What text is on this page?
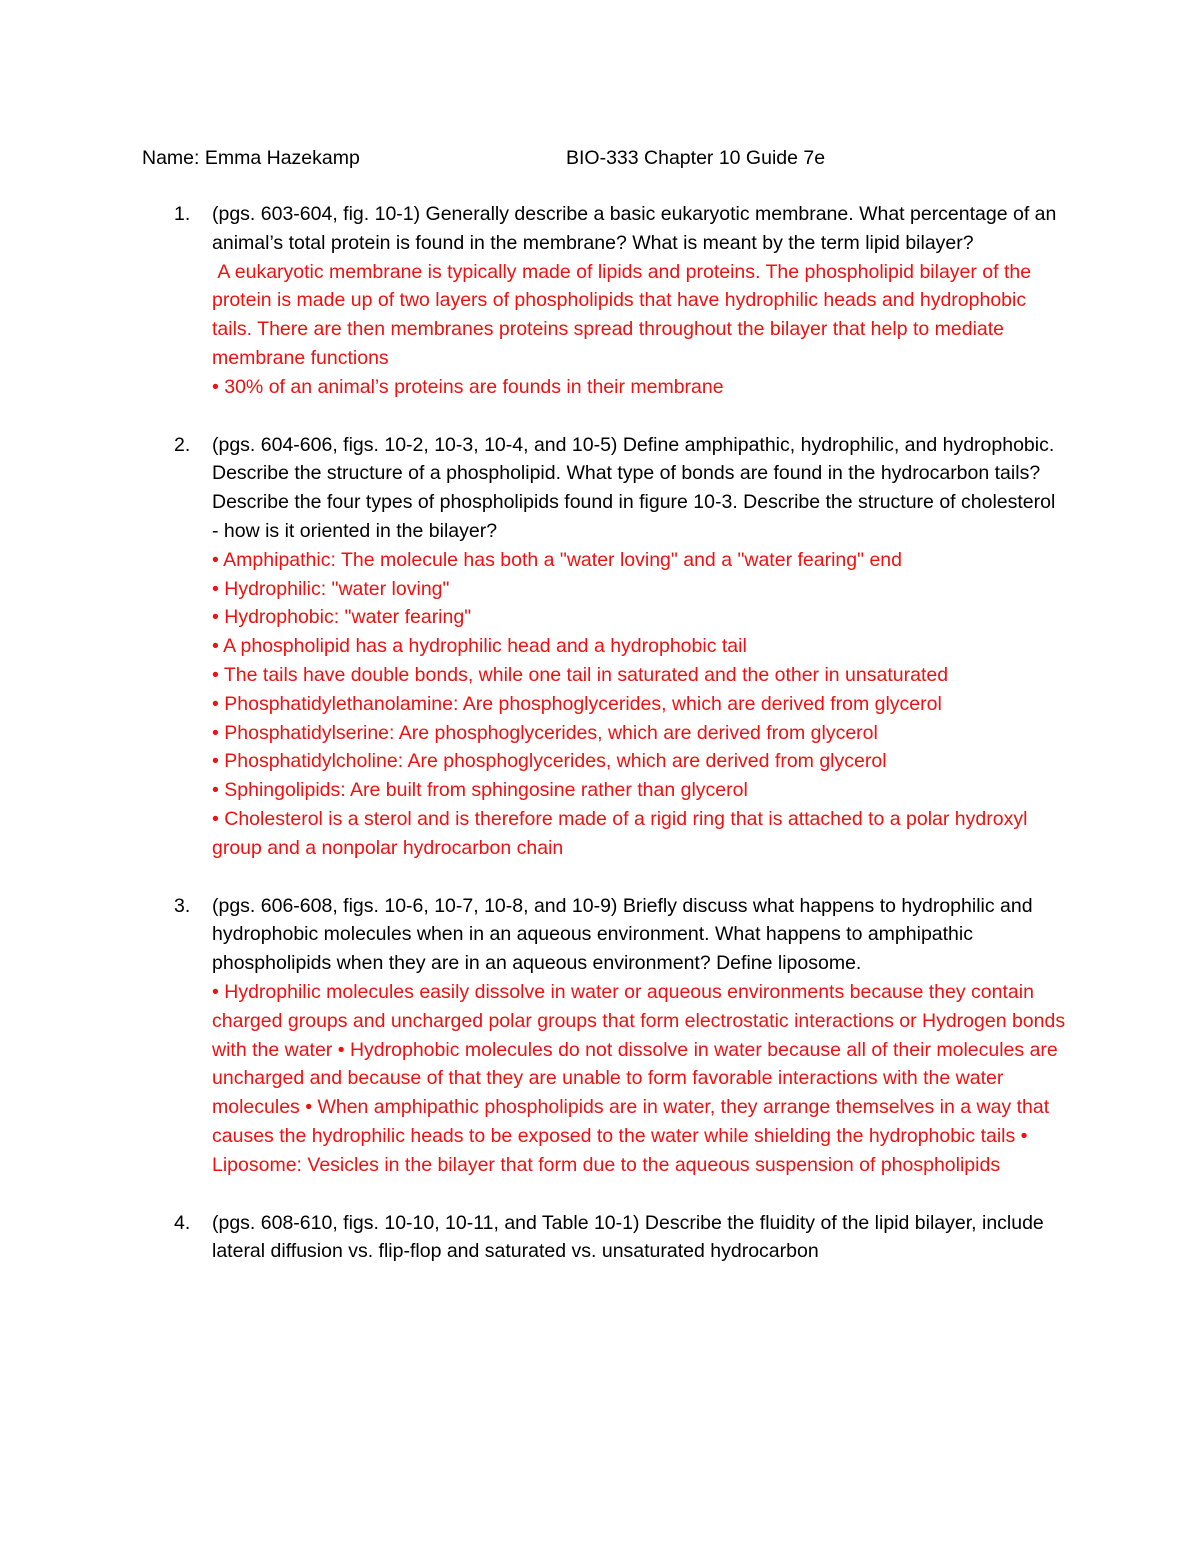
Name: Emma Hazekamp	BIO-333 Chapter 10 Guide 7e
1. (pgs. 603-604, fig. 10-1) Generally describe a basic eukaryotic membrane. What percentage of an animal’s total protein is found in the membrane? What is meant by the term lipid bilayer?
A eukaryotic membrane is typically made of lipids and proteins. The phospholipid bilayer of the protein is made up of two layers of phospholipids that have hydrophilic heads and hydrophobic tails. There are then membranes proteins spread throughout the bilayer that help to mediate membrane functions
• 30% of an animal’s proteins are founds in their membrane
2. (pgs. 604-606, figs. 10-2, 10-3, 10-4, and 10-5) Define amphipathic, hydrophilic, and hydrophobic. Describe the structure of a phospholipid. What type of bonds are found in the hydrocarbon tails? Describe the four types of phospholipids found in figure 10-3. Describe the structure of cholesterol - how is it oriented in the bilayer?
• Amphipathic: The molecule has both a "water loving" and a "water fearing" end
• Hydrophilic: "water loving"
• Hydrophobic: "water fearing"
• A phospholipid has a hydrophilic head and a hydrophobic tail
• The tails have double bonds, while one tail in saturated and the other in unsaturated
• Phosphatidylethanolamine: Are phosphoglycerides, which are derived from glycerol
• Phosphatidylserine: Are phosphoglycerides, which are derived from glycerol
• Phosphatidylcholine: Are phosphoglycerides, which are derived from glycerol
• Sphingolipids: Are built from sphingosine rather than glycerol
• Cholesterol is a sterol and is therefore made of a rigid ring that is attached to a polar hydroxyl group and a nonpolar hydrocarbon chain
3. (pgs. 606-608, figs. 10-6, 10-7, 10-8, and 10-9) Briefly discuss what happens to hydrophilic and hydrophobic molecules when in an aqueous environment. What happens to amphipathic phospholipids when they are in an aqueous environment? Define liposome.
• Hydrophilic molecules easily dissolve in water or aqueous environments because they contain charged groups and uncharged polar groups that form electrostatic interactions or Hydrogen bonds with the water • Hydrophobic molecules do not dissolve in water because all of their molecules are uncharged and because of that they are unable to form favorable interactions with the water molecules • When amphipathic phospholipids are in water, they arrange themselves in a way that causes the hydrophilic heads to be exposed to the water while shielding the hydrophobic tails • Liposome: Vesicles in the bilayer that form due to the aqueous suspension of phospholipids
4. (pgs. 608-610, figs. 10-10, 10-11, and Table 10-1) Describe the fluidity of the lipid bilayer, include lateral diffusion vs. flip-flop and saturated vs. unsaturated hydrocarbon
